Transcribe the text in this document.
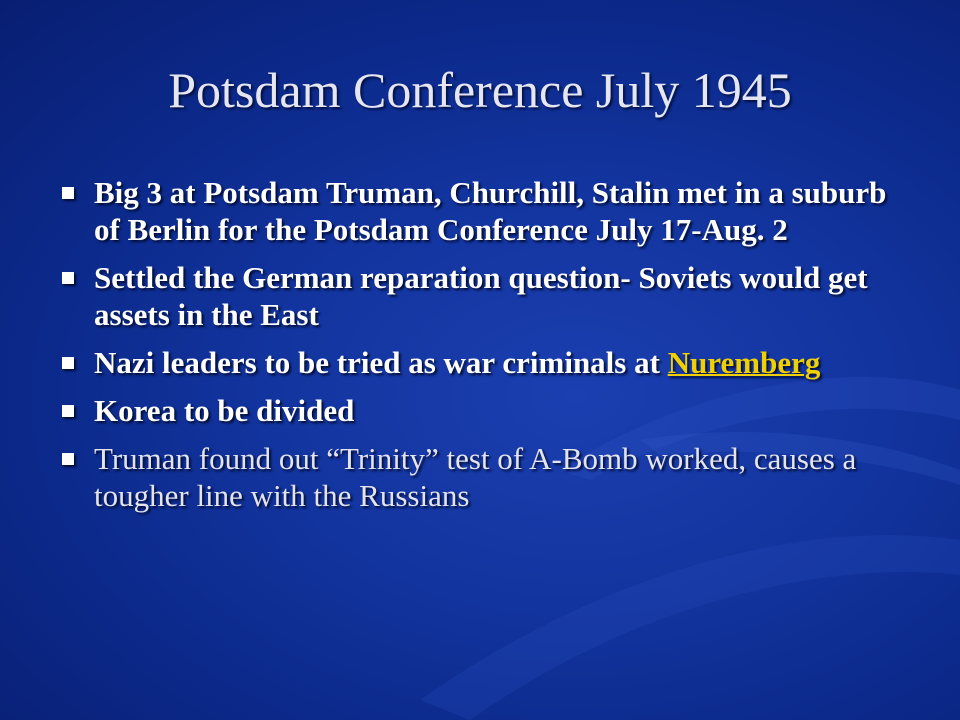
Potsdam Conference July 1945
Big 3 at Potsdam Truman, Churchill, Stalin met in a suburb of Berlin for the Potsdam Conference July 17-Aug. 2
Settled the German reparation question- Soviets would get assets in the East
Nazi leaders to be tried as war criminals at Nuremberg
Korea to be divided
Truman found out “Trinity” test of A-Bomb worked, causes a tougher line with the Russians
